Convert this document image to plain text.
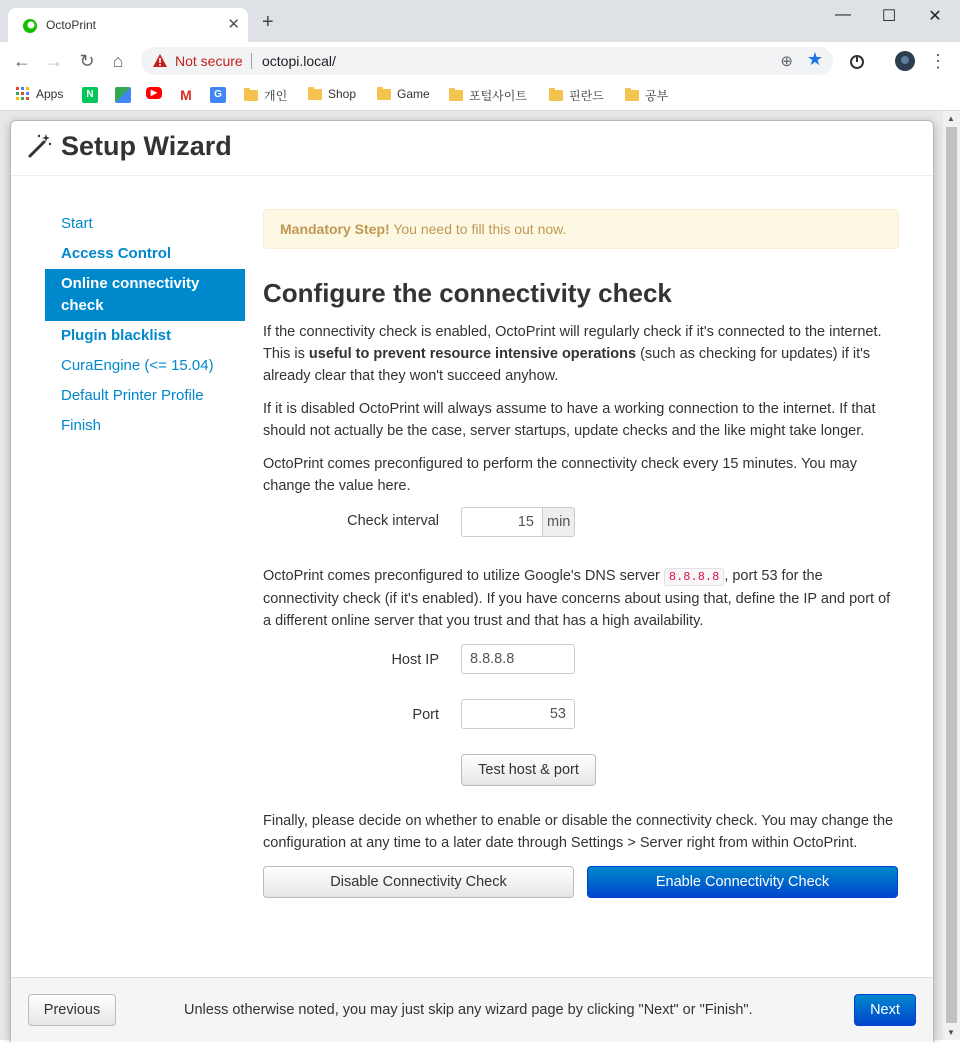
OctoPrint	✕ +	—	☐	✕
← → ↻ ⌂	Not secure octopi.local/	⊕ ★	⋮
Apps	N	▶	M	G	개인	Shop	Game	포털사이트	핀란드	공부
▲
▼
Setup Wizard
Start
Access Control
Online connectivity check
Plugin blacklist
CuraEngine (<= 15.04)
Default Printer Profile
Finish
Mandatory Step! You need to fill this out now.
Configure the connectivity check

If the connectivity check is enabled, OctoPrint will regularly check if it's connected to the internet. This is useful to prevent resource intensive operations (such as checking for updates) if it's already clear that they won't succeed anyhow.

If it is disabled OctoPrint will always assume to have a working connection to the internet. If that should not actually be the case, server startups, update checks and the like might take longer.

OctoPrint comes preconfigured to perform the connectivity check every 15 minutes. You may change the value here.

Check interval	15 min

OctoPrint comes preconfigured to utilize Google's DNS server 8.8.8.8 , port 53 for the connectivity check (if it's enabled). If you have concerns about using that, define the IP and port of a different online server that you trust and that has a high availability.

Host IP	8.8.8.8
Port	53
Test host & port

Finally, please decide on whether to enable or disable the connectivity check. You may change the configuration at any time to a later date through Settings > Server right from within OctoPrint.

Disable Connectivity Check	Enable Connectivity Check
Previous	Unless otherwise noted, you may just skip any wizard page by clicking "Next" or "Finish".	Next
